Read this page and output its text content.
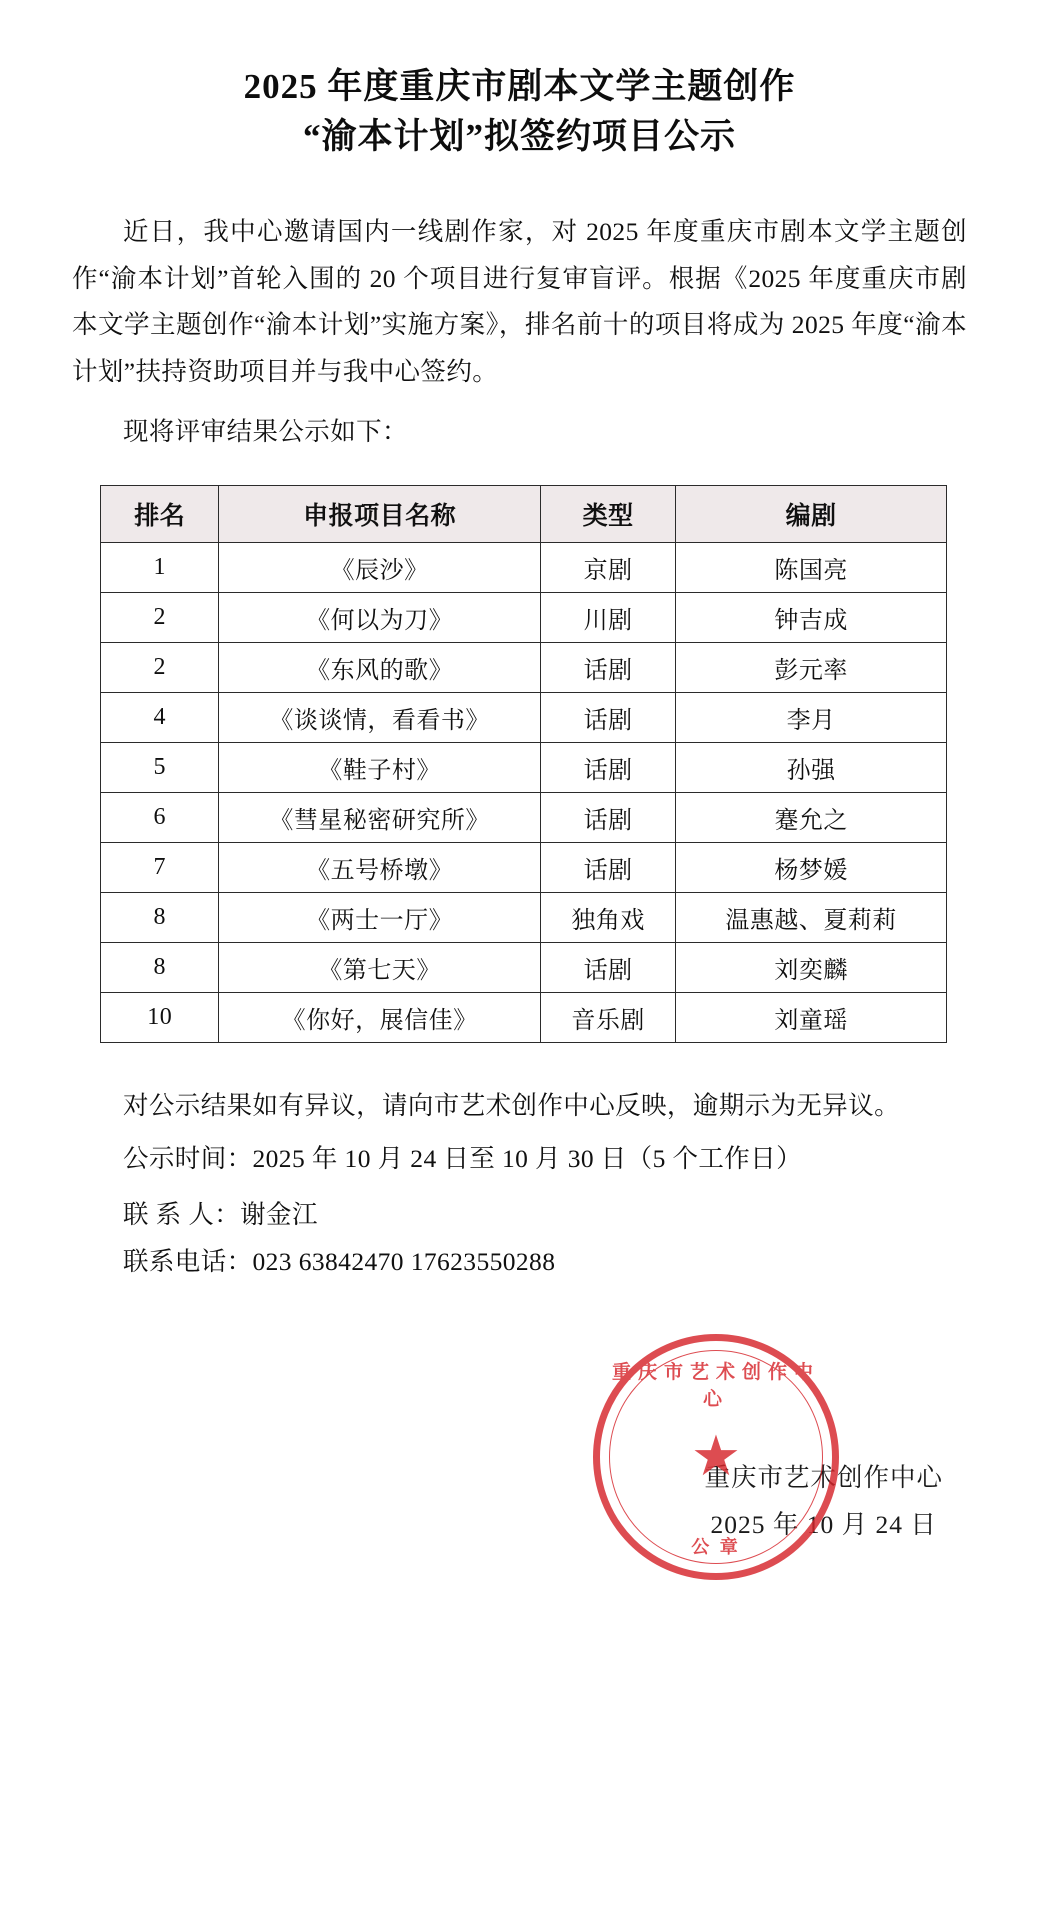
2025 年度重庆市剧本文学主题创作
“渝本计划”拟签约项目公示

近日，我中心邀请国内一线剧作家，对 2025 年度重庆市剧本文学主题创作“渝本计划”首轮入围的 20 个项目进行复审盲评。根据《2025 年度重庆市剧本文学主题创作“渝本计划”实施方案》，排名前十的项目将成为 2025 年度“渝本计划”扶持资助项目并与我中心签约。

现将评审结果公示如下：

排名	申报项目名称	类型	编剧
1	《辰沙》	京剧	陈国亮
2	《何以为刀》	川剧	钟吉成
2	《东风的歌》	话剧	彭元率
4	《谈谈情，看看书》	话剧	李月
5	《鞋子村》	话剧	孙强
6	《彗星秘密研究所》	话剧	蹇允之
7	《五号桥墩》	话剧	杨梦媛
8	《两士一厅》	独角戏	温惠越、夏莉莉
8	《第七天》	话剧	刘奕麟
10	《你好，展信佳》	音乐剧	刘童瑶

对公示结果如有异议，请向市艺术创作中心反映，逾期示为无异议。

公示时间：2025 年 10 月 24 日至 10 月 30 日（5 个工作日）

联 系 人：谢金江

联系电话：023 63842470 17623550288

重庆市艺术创作中心
2025 年 10 月 24 日
重庆市艺术创作中心
★
公 章
